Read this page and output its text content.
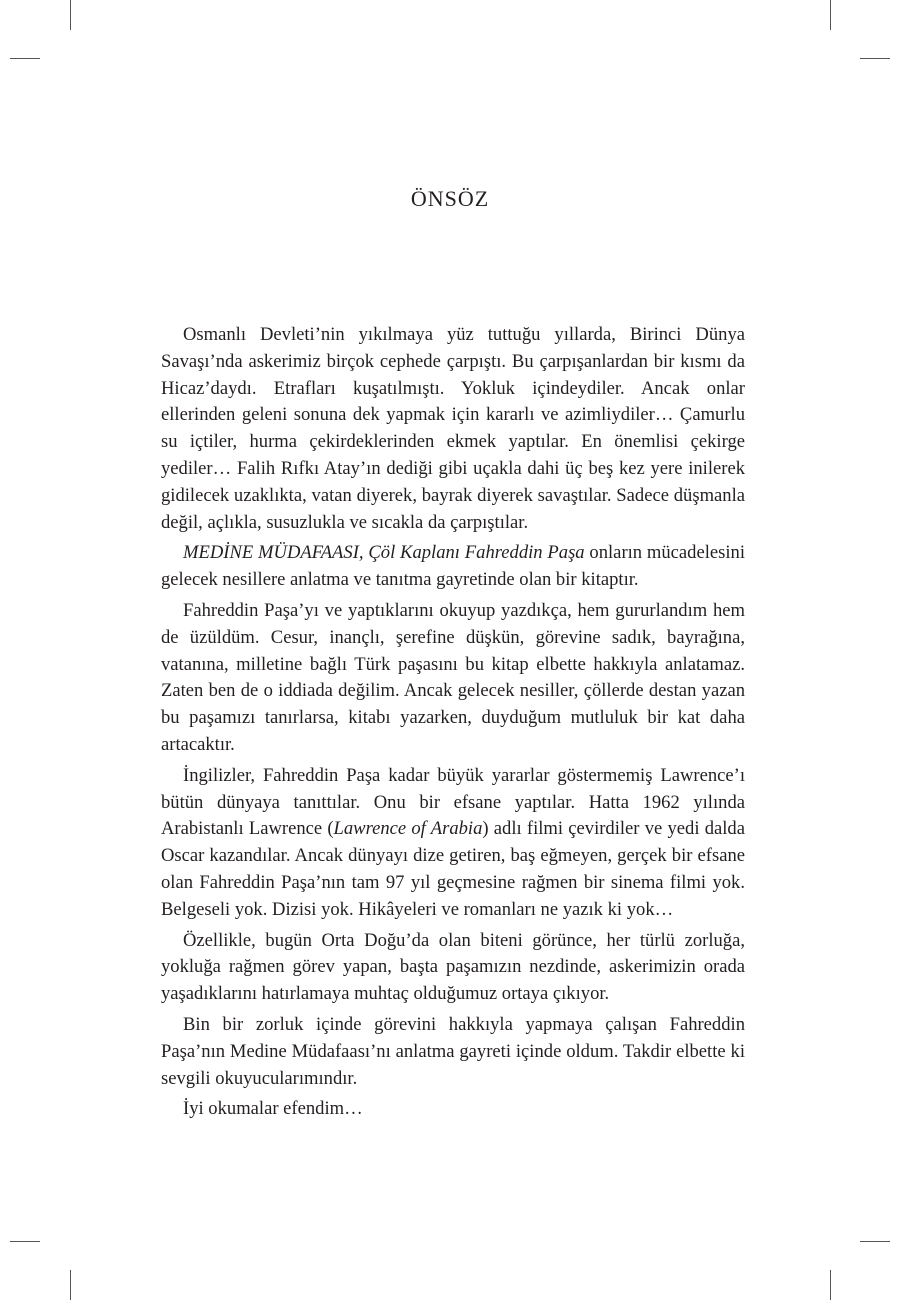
ÖNSÖZ

Osmanlı Devleti’nin yıkılmaya yüz tuttuğu yıllarda, Birinci Dünya Savaşı’nda askerimiz birçok cephede çarpıştı. Bu çarpışanlardan bir kısmı da Hicaz’daydı. Etrafları kuşatılmıştı. Yokluk içindeydiler. Ancak onlar ellerinden geleni sonuna dek yapmak için kararlı ve azimliydiler… Çamurlu su içtiler, hurma çekirdeklerinden ekmek yaptılar. En önemlisi çekirge yediler… Falih Rıfkı Atay’ın dediği gibi uçakla dahi üç beş kez yere inilerek gidilecek uzaklıkta, vatan diyerek, bayrak diyerek savaştılar. Sadece düşmanla değil, açlıkla, susuzlukla ve sıcakla da çarpıştılar.

MEDİNE MÜDAFAASI, Çöl Kaplanı Fahreddin Paşa onların mücadelesini gelecek nesillere anlatma ve tanıtma gayretinde olan bir kitaptır.

Fahreddin Paşa’yı ve yaptıklarını okuyup yazdıkça, hem gururlandım hem de üzüldüm. Cesur, inançlı, şerefine düşkün, görevine sadık, bayrağına, vatanına, milletine bağlı Türk paşasını bu kitap elbette hakkıyla anlatamaz. Zaten ben de o iddiada değilim. Ancak gelecek nesiller, çöllerde destan yazan bu paşamızı tanırlarsa, kitabı yazarken, duyduğum mutluluk bir kat daha artacaktır.

İngilizler, Fahreddin Paşa kadar büyük yararlar göstermemiş Lawrence’ı bütün dünyaya tanıttılar. Onu bir efsane yaptılar. Hatta 1962 yılında Arabistanlı Lawrence (Lawrence of Arabia) adlı filmi çevirdiler ve yedi dalda Oscar kazandılar. Ancak dünyayı dize getiren, baş eğmeyen, gerçek bir efsane olan Fahreddin Paşa’nın tam 97 yıl geçmesine rağmen bir sinema filmi yok. Belgeseli yok. Dizisi yok. Hikâyeleri ve romanları ne yazık ki yok…

Özellikle, bugün Orta Doğu’da olan biteni görünce, her türlü zorluğa, yokluğa rağmen görev yapan, başta paşamızın nezdinde, askerimizin orada yaşadıklarını hatırlamaya muhtaç olduğumuz ortaya çıkıyor.

Bin bir zorluk içinde görevini hakkıyla yapmaya çalışan Fahreddin Paşa’nın Medine Müdafaası’nı anlatma gayreti içinde oldum. Takdir elbette ki sevgili okuyucularımındır.

İyi okumalar efendim…
